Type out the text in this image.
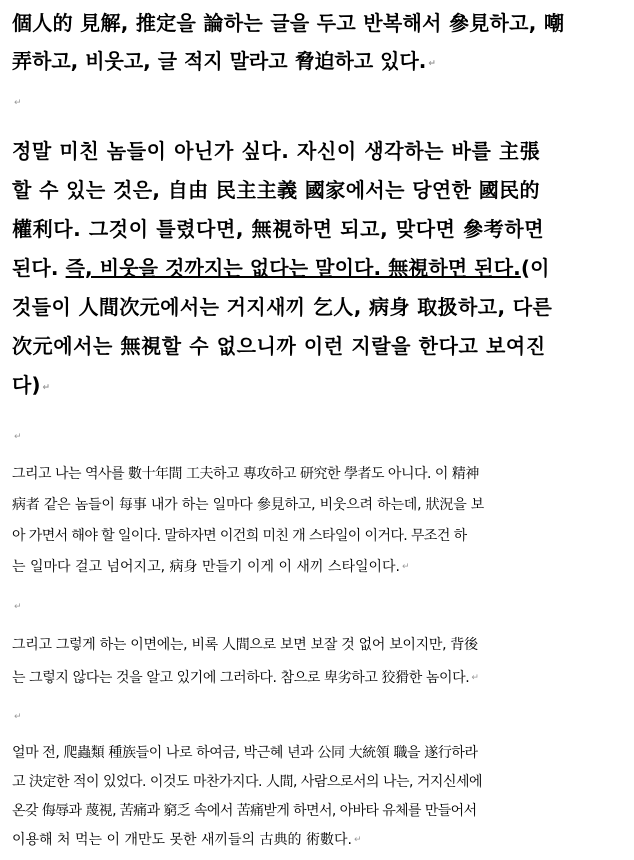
個人的 見解, 推定을 論하는 글을 두고 반복해서 參見하고, 嘲
弄하고, 비웃고, 글 적지 말라고 脅迫하고 있다. ↵
↵
정말 미친 놈들이 아닌가 싶다. 자신이 생각하는 바를 主張
할 수 있는 것은, 自由 民主主義 國家에서는 당연한 國民的
權利다. 그것이 틀렸다면, 無視하면 되고, 맞다면 參考하면
된다. 즉, 비웃을 것까지는 없다는 말이다. 無視하면 된다.(이
것들이 人間次元에서는 거지새끼 乞人, 病身 取扱하고, 다른
次元에서는 無視할 수 없으니까 이런 지랄을 한다고 보여진
다) ↵
↵
그리고 나는 역사를 數十年間 工夫하고 專攻하고 研究한 學者도 아니다. 이 精神
病者 같은 놈들이 每事 내가 하는 일마다 參見하고, 비웃으려 하는데, 狀況을 보
아 가면서 해야 할 일이다. 말하자면 이건희 미친 개 스타일이 이거다. 무조건 하
는 일마다 걸고 넘어지고, 病身 만들기 이게 이 새끼 스타일이다. ↵
↵
그리고 그렇게 하는 이면에는, 비록 人間으로 보면 보잘 것 없어 보이지만, 背後
는 그렇지 않다는 것을 알고 있기에 그러하다. 참으로 卑劣하고 狡猾한 놈이다. ↵
↵
얼마 전, 爬蟲類 種族들이 나로 하여금, 박근혜 년과 公同 大統領 職을 遂行하라
고 決定한 적이 있었다. 이것도 마찬가지다. 人間, 사람으로서의 나는, 거지신세에
온갖 侮辱과 蔑視, 苦痛과 窮乏 속에서 苦痛받게 하면서, 아바타 유체를 만들어서
이용해 처 먹는 이 개만도 못한 새끼들의 古典的 術數다. ↵
